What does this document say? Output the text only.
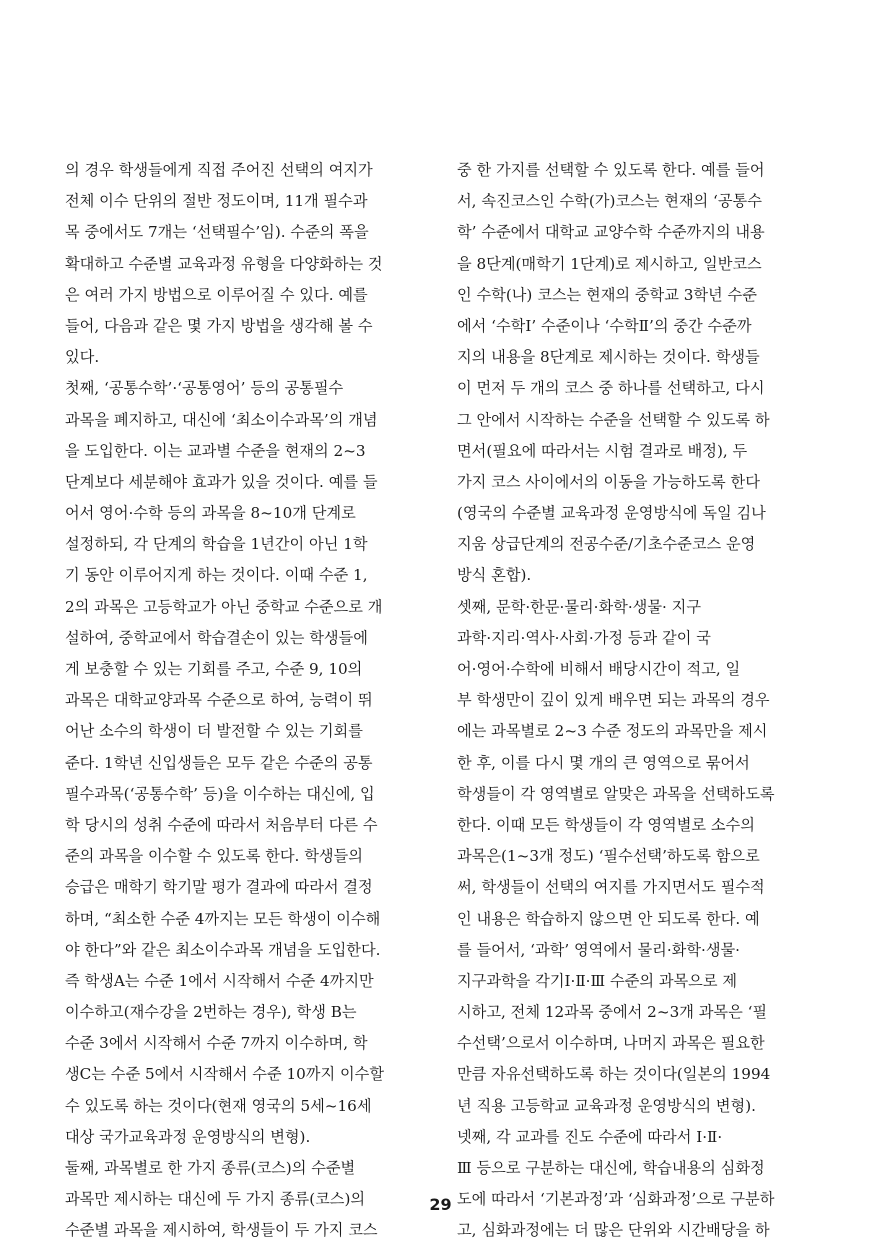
의 경우 학생들에게 직접 주어진 선택의 여지가
전체 이수 단위의 절반 정도이며, 11개 필수과
목 중에서도 7개는 ‘선택필수’임). 수준의 폭을
확대하고 수준별 교육과정 유형을 다양화하는 것
은 여러 가지 방법으로 이루어질 수 있다. 예를
들어, 다음과 같은 몇 가지 방법을 생각해 볼 수
있다.
첫째, ‘공통수학’·‘공통영어’ 등의 공통필수
과목을 폐지하고, 대신에 ‘최소이수과목’의 개념
을 도입한다. 이는 교과별 수준을 현재의 2~3
단계보다 세분해야 효과가 있을 것이다. 예를 들
어서 영어·수학 등의 과목을 8~10개 단계로
설정하되, 각 단계의 학습을 1년간이 아닌 1학
기 동안 이루어지게 하는 것이다. 이때 수준 1,
2의 과목은 고등학교가 아닌 중학교 수준으로 개
설하여, 중학교에서 학습결손이 있는 학생들에
게 보충할 수 있는 기회를 주고, 수준 9, 10의
과목은 대학교양과목 수준으로 하여, 능력이 뛰
어난 소수의 학생이 더 발전할 수 있는 기회를
준다. 1학년 신입생들은 모두 같은 수준의 공통
필수과목(‘공통수학’ 등)을 이수하는 대신에, 입
학 당시의 성취 수준에 따라서 처음부터 다른 수
준의 과목을 이수할 수 있도록 한다. 학생들의
승급은 매학기 학기말 평가 결과에 따라서 결정
하며, “최소한 수준 4까지는 모든 학생이 이수해
야 한다”와 같은 최소이수과목 개념을 도입한다.
즉 학생A는 수준 1에서 시작해서 수준 4까지만
이수하고(재수강을 2번하는 경우), 학생 B는
수준 3에서 시작해서 수준 7까지 이수하며, 학
생C는 수준 5에서 시작해서 수준 10까지 이수할
수 있도록 하는 것이다(현재 영국의 5세~16세
대상 국가교육과정 운영방식의 변형).
둘째, 과목별로 한 가지 종류(코스)의 수준별
과목만 제시하는 대신에 두 가지 종류(코스)의
수준별 과목을 제시하여, 학생들이 두 가지 코스
중 한 가지를 선택할 수 있도록 한다. 예를 들어
서, 속진코스인 수학(가)코스는 현재의 ‘공통수
학’ 수준에서 대학교 교양수학 수준까지의 내용
을 8단계(매학기 1단계)로 제시하고, 일반코스
인 수학(나) 코스는 현재의 중학교 3학년 수준
에서 ‘수학Ⅰ’ 수준이나 ‘수학Ⅱ’의 중간 수준까
지의 내용을 8단계로 제시하는 것이다. 학생들
이 먼저 두 개의 코스 중 하나를 선택하고, 다시
그 안에서 시작하는 수준을 선택할 수 있도록 하
면서(필요에 따라서는 시험 결과로 배정), 두
가지 코스 사이에서의 이동을 가능하도록 한다
(영국의 수준별 교육과정 운영방식에 독일 김나
지움 상급단계의 전공수준/기초수준코스 운영
방식 혼합).
셋째, 문학·한문·물리·화학·생물· 지구
과학·지리·역사·사회·가정 등과 같이 국
어·영어·수학에 비해서 배당시간이 적고, 일
부 학생만이 깊이 있게 배우면 되는 과목의 경우
에는 과목별로 2~3 수준 정도의 과목만을 제시
한 후, 이를 다시 몇 개의 큰 영역으로 묶어서
학생들이 각 영역별로 알맞은 과목을 선택하도록
한다. 이때 모든 학생들이 각 영역별로 소수의
과목은(1~3개 정도) ‘필수선택’하도록 함으로
써, 학생들이 선택의 여지를 가지면서도 필수적
인 내용은 학습하지 않으면 안 되도록 한다. 예
를 들어서, ‘과학’ 영역에서 물리·화학·생물·
지구과학을 각기Ⅰ·Ⅱ·Ⅲ 수준의 과목으로 제
시하고, 전체 12과목 중에서 2~3개 과목은 ‘필
수선택’으로서 이수하며, 나머지 과목은 필요한
만큼 자유선택하도록 하는 것이다(일본의 1994
년 직용 고등학교 교육과정 운영방식의 변형).
넷째, 각 교과를 진도 수준에 따라서 Ⅰ·Ⅱ·
Ⅲ 등으로 구분하는 대신에, 학습내용의 심화정
도에 따라서 ‘기본과정’과 ‘심화과정’으로 구분하
고, 심화과정에는 더 많은 단위와 시간배당을 하
29
